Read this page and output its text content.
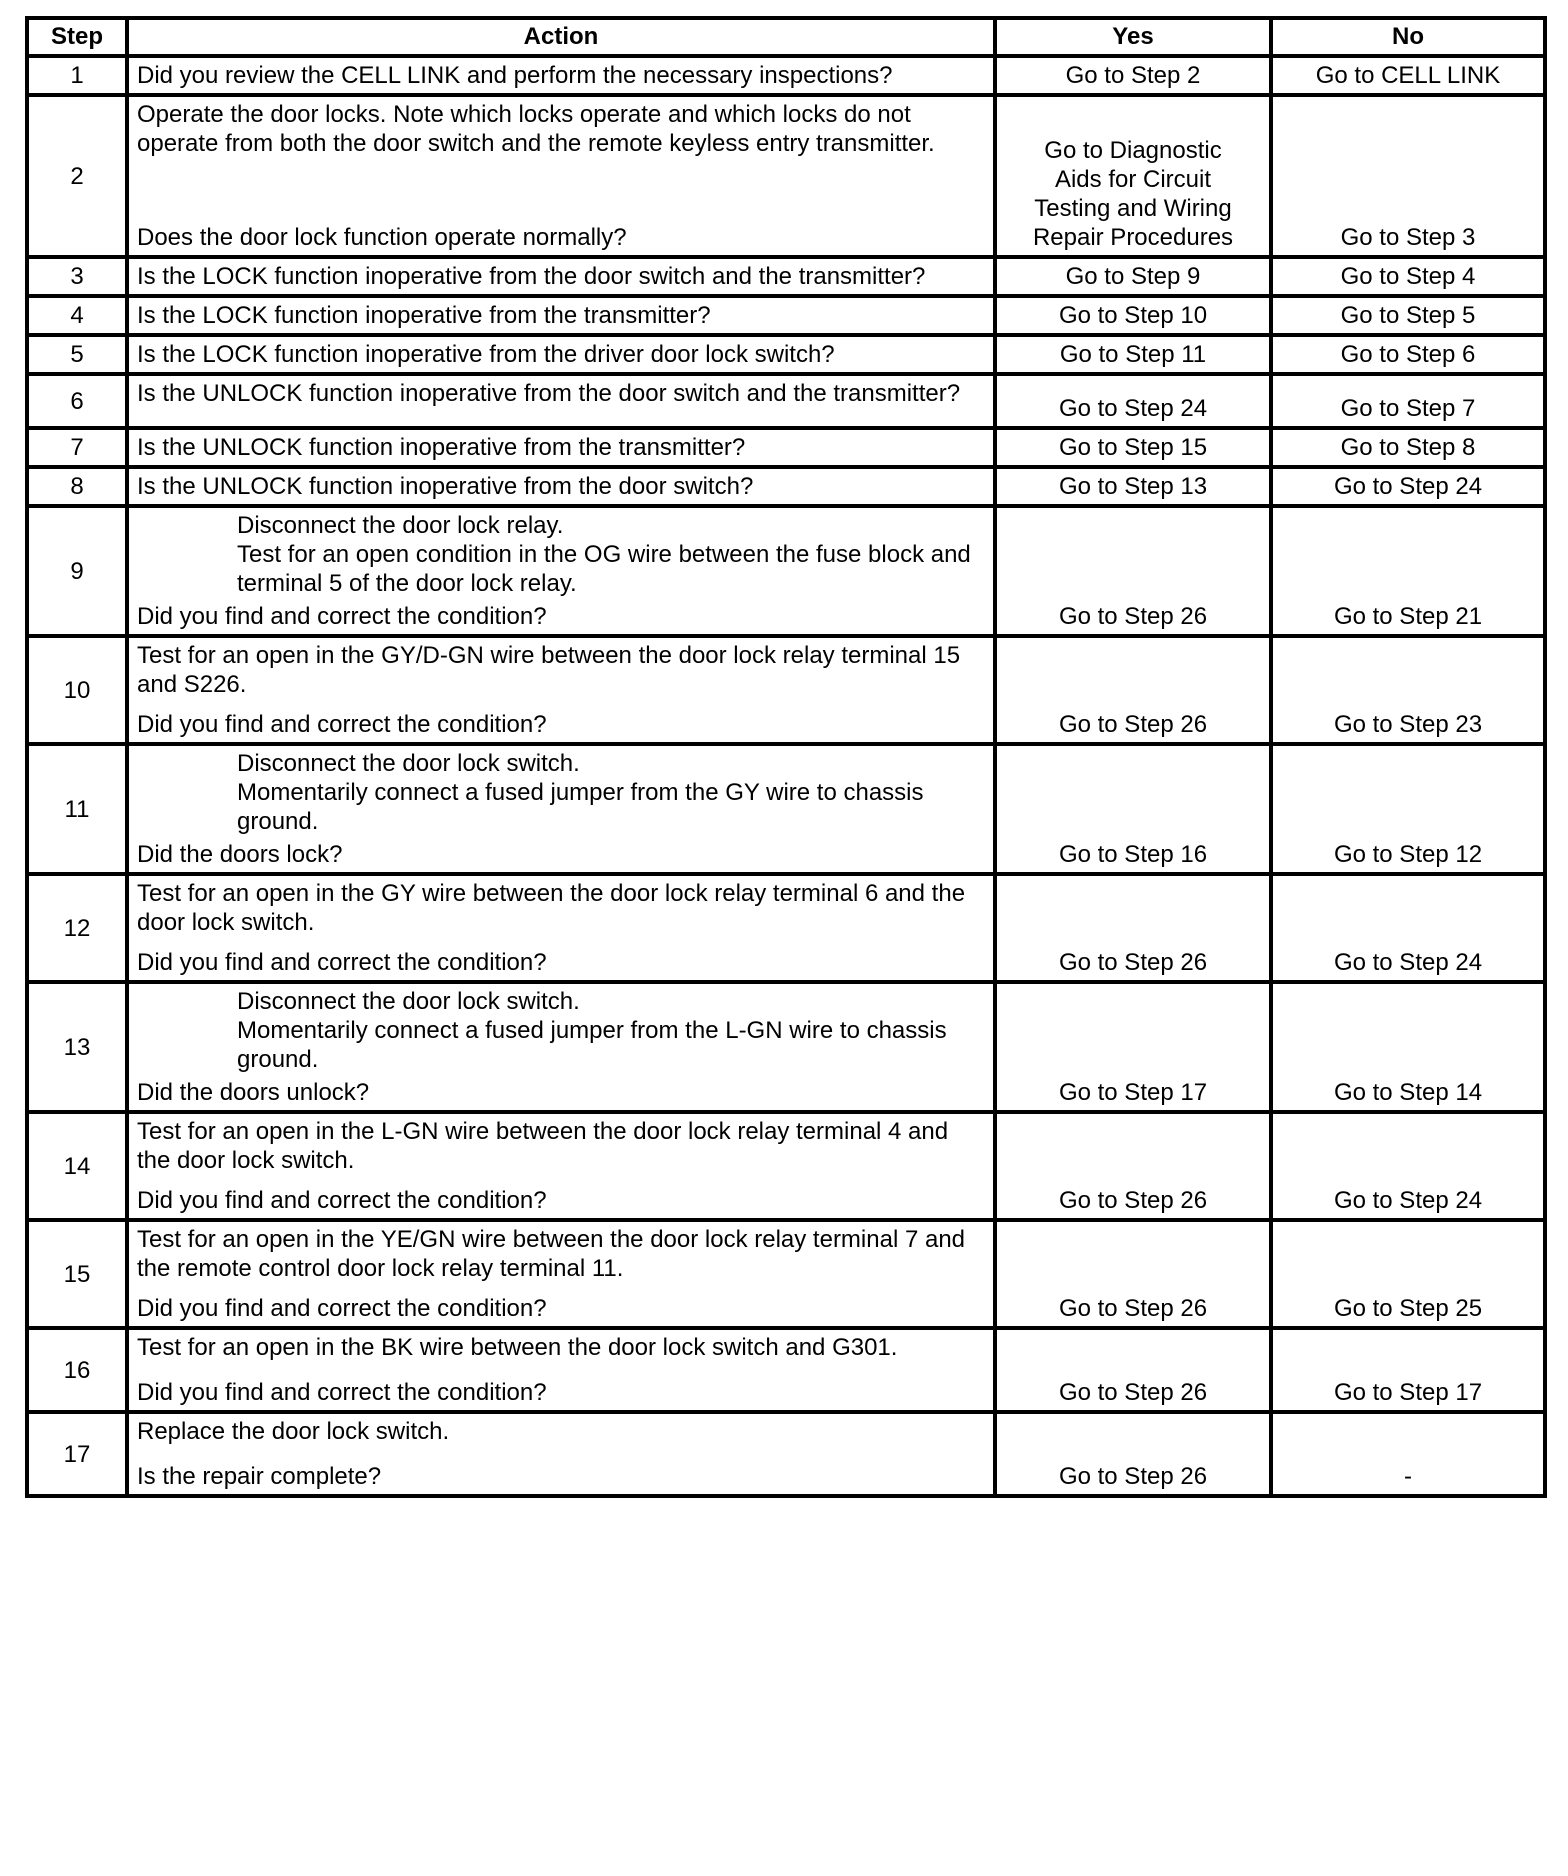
Step	Action	Yes	No
1	Did you review the CELL LINK and perform the necessary inspections?	Go to Step 2	Go to CELL LINK
2	Operate the door locks. Note which locks operate and which locks do not operate from both the door switch and the remote keyless entry transmitter.
Does the door lock function operate normally?	Go to Diagnostic Aids for Circuit Testing and Wiring Repair Procedures	Go to Step 3
3	Is the LOCK function inoperative from the door switch and the transmitter?	Go to Step 9	Go to Step 4
4	Is the LOCK function inoperative from the transmitter?	Go to Step 10	Go to Step 5
5	Is the LOCK function inoperative from the driver door lock switch?	Go to Step 11	Go to Step 6
6	Is the UNLOCK function inoperative from the door switch and the transmitter?	Go to Step 24	Go to Step 7
7	Is the UNLOCK function inoperative from the transmitter?	Go to Step 15	Go to Step 8
8	Is the UNLOCK function inoperative from the door switch?	Go to Step 13	Go to Step 24
9	Disconnect the door lock relay.
Test for an open condition in the OG wire between the fuse block and terminal 5 of the door lock relay.
Did you find and correct the condition?	Go to Step 26	Go to Step 21
10	Test for an open in the GY/D-GN wire between the door lock relay terminal 15 and S226.
Did you find and correct the condition?	Go to Step 26	Go to Step 23
11	Disconnect the door lock switch.
Momentarily connect a fused jumper from the GY wire to chassis ground.
Did the doors lock?	Go to Step 16	Go to Step 12
12	Test for an open in the GY wire between the door lock relay terminal 6 and the door lock switch.
Did you find and correct the condition?	Go to Step 26	Go to Step 24
13	Disconnect the door lock switch.
Momentarily connect a fused jumper from the L-GN wire to chassis ground.
Did the doors unlock?	Go to Step 17	Go to Step 14
14	Test for an open in the L-GN wire between the door lock relay terminal 4 and the door lock switch.
Did you find and correct the condition?	Go to Step 26	Go to Step 24
15	Test for an open in the YE/GN wire between the door lock relay terminal 7 and the remote control door lock relay terminal 11.
Did you find and correct the condition?	Go to Step 26	Go to Step 25
16	Test for an open in the BK wire between the door lock switch and G301.
Did you find and correct the condition?	Go to Step 26	Go to Step 17
17	Replace the door lock switch.
Is the repair complete?	Go to Step 26	-
